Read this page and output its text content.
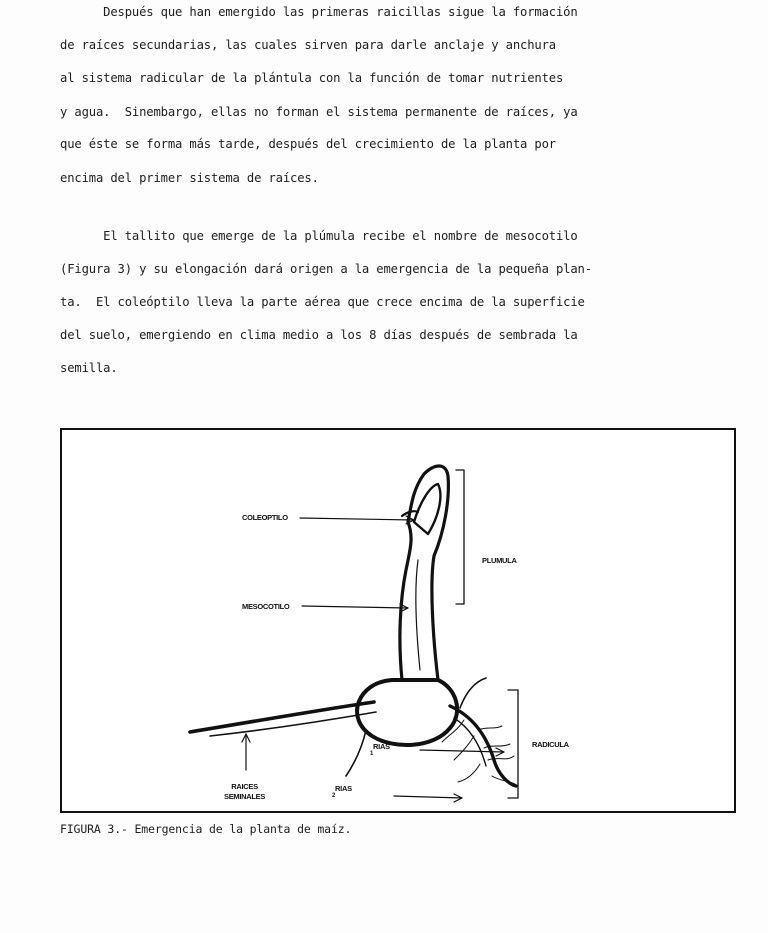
Después que han emergido las primeras raicillas sigue la formación
de raíces secundarias, las cuales sirven para darle anclaje y anchura
al sistema radicular de la plántula con la función de tomar nutrientes
y agua.  Sinembargo, ellas no forman el sistema permanente de raíces, ya
que éste se forma más tarde, después del crecimiento de la planta por
encima del primer sistema de raíces.
El tallito que emerge de la plúmula recibe el nombre de mesocotilo
(Figura 3) y su elongación dará origen a la emergencia de la pequeña plan-
ta.  El coleóptilo lleva la parte aérea que crece encima de la superficie
del suelo, emergiendo en clima medio a los 8 días después de sembrada la
semilla.
COLEOPTILO
MESOCOTILO
PLUMULA
RADICULA
$_1$RIAS
$_2$RIAS
RAICES
SEMINALES
FIGURA 3.- Emergencia de la planta de maíz.
